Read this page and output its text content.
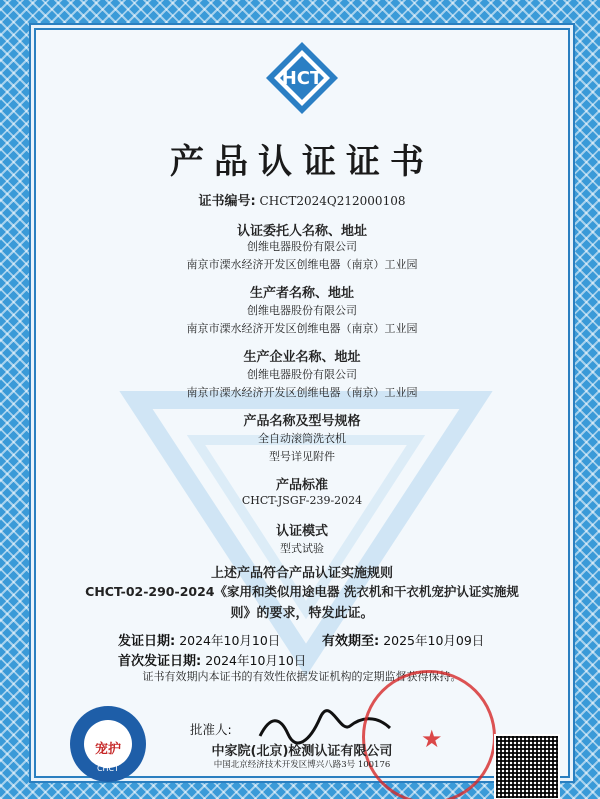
HCT
产品认证证书
证书编号: CHCT2024Q212000108
认证委托人名称、地址
创维电器股份有限公司
南京市溧水经济开发区创维电器（南京）工业园
生产者名称、地址
创维电器股份有限公司
南京市溧水经济开发区创维电器（南京）工业园
生产企业名称、地址
创维电器股份有限公司
南京市溧水经济开发区创维电器（南京）工业园
产品名称及型号规格
全自动滚筒洗衣机
型号详见附件
产品标准
CHCT-JSGF-239-2024
认证模式
型式试验
上述产品符合产品认证实施规则
CHCT-02-290-2024《家用和类似用途电器 洗衣机和干衣机宠护认证实施规
则》的要求，特发此证。
发证日期: 2024年10月10日	有效期至: 2025年10月09日
首次发证日期: 2024年10月10日
证书有效期内本证书的有效性依据发证机构的定期监督获得保持。
宠护
CHCT
批准人:	★
中家院(北京)检测认证有限公司
中国北京经济技术开发区博兴八路3号 100176
